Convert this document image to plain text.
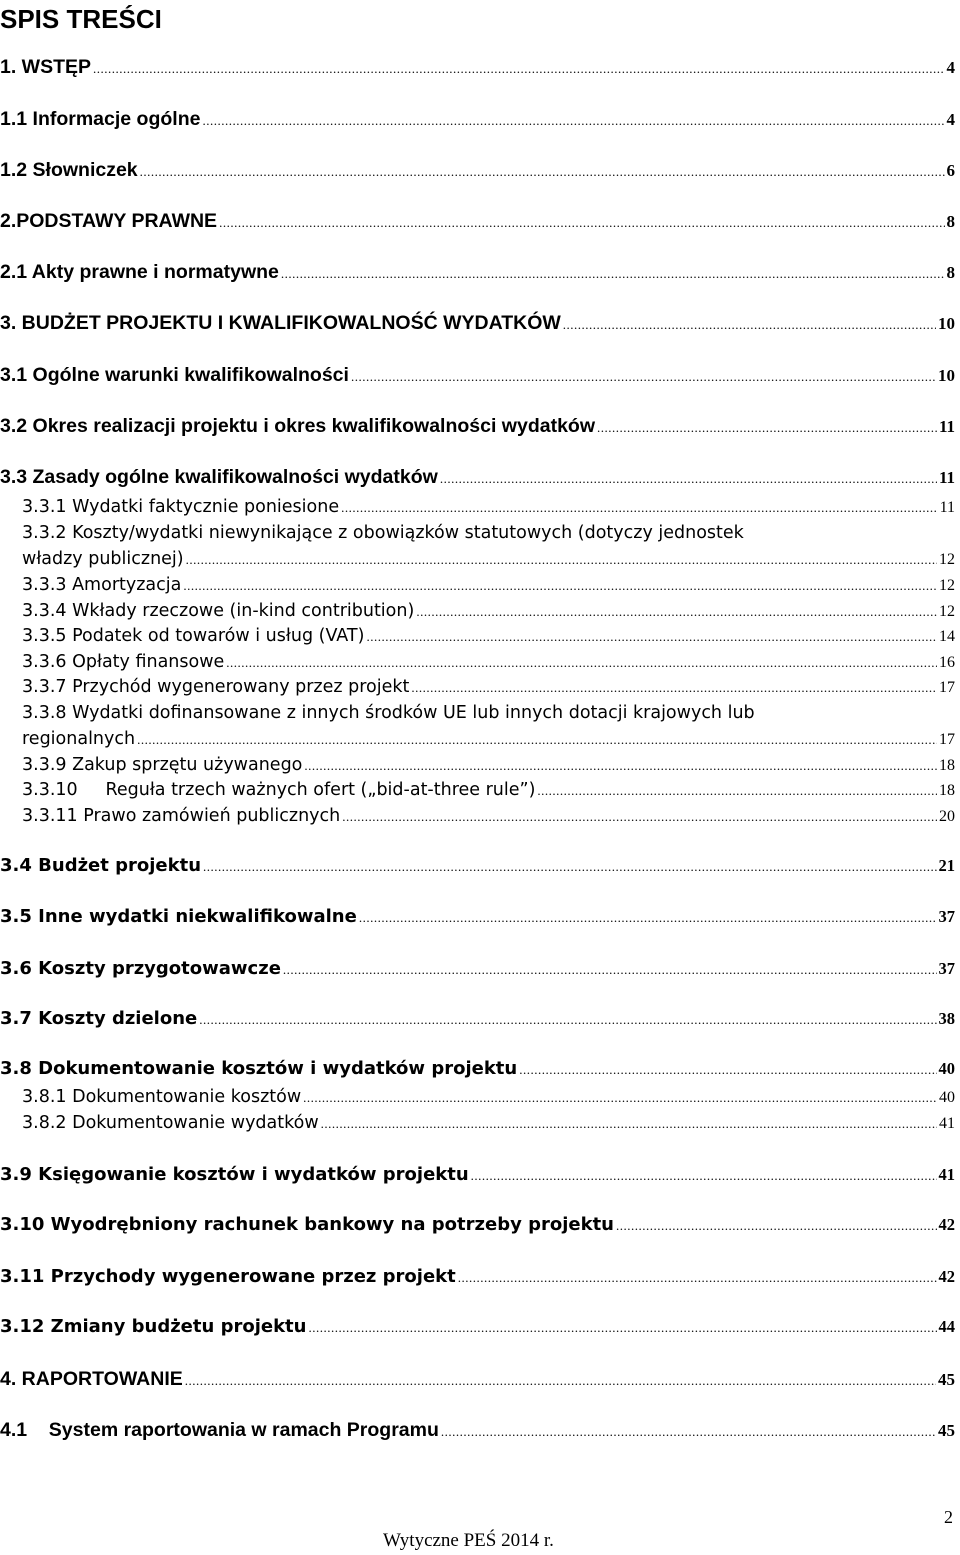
SPIS TREŚCI
1. WSTĘP .....	4
1.1 Informacje ogólne .....	4
1.2 Słowniczek .....	6
2.PODSTAWY PRAWNE .....	8
2.1 Akty prawne i normatywne .....	8
3. BUDŻET PROJEKTU I KWALIFIKOWALNOŚĆ WYDATKÓW .....	10
3.1 Ogólne warunki kwalifikowalności .....	10
3.2 Okres realizacji projektu i okres kwalifikowalności wydatków .....	11
3.3 Zasady ogólne kwalifikowalności wydatków .....	11
3.3.1 Wydatki faktycznie poniesione .....	11
3.3.2 Koszty/wydatki niewynikające z obowiązków statutowych (dotyczy jednostek
władzy publicznej) .....	12
3.3.3 Amortyzacja .....	12
3.3.4 Wkłady rzeczowe (in-kind contribution) .....	12
3.3.5 Podatek od towarów i usług (VAT) .....	14
3.3.6 Opłaty finansowe .....	16
3.3.7 Przychód wygenerowany przez projekt .....	17
3.3.8 Wydatki dofinansowane z innych środków UE lub innych dotacji krajowych lub
regionalnych .....	17
3.3.9 Zakup sprzętu używanego .....	18
3.3.10     Reguła trzech ważnych ofert („bid-at-three rule”) .....	18
3.3.11 Prawo zamówień publicznych .....	20
3.4 Budżet projektu .....	21
3.5 Inne wydatki niekwalifikowalne .....	37
3.6 Koszty przygotowawcze .....	37
3.7 Koszty dzielone .....	38
3.8 Dokumentowanie kosztów i wydatków projektu .....	40
3.8.1 Dokumentowanie kosztów .....	40
3.8.2 Dokumentowanie wydatków .....	41
3.9 Księgowanie kosztów i wydatków projektu .....	41
3.10 Wyodrębniony rachunek bankowy na potrzeby projektu .....	42
3.11 Przychody wygenerowane przez projekt .....	42
3.12 Zmiany budżetu projektu .....	44
4. RAPORTOWANIE .....	45
4.1    System raportowania w ramach Programu .....	45
2
Wytyczne PEŚ 2014 r.
